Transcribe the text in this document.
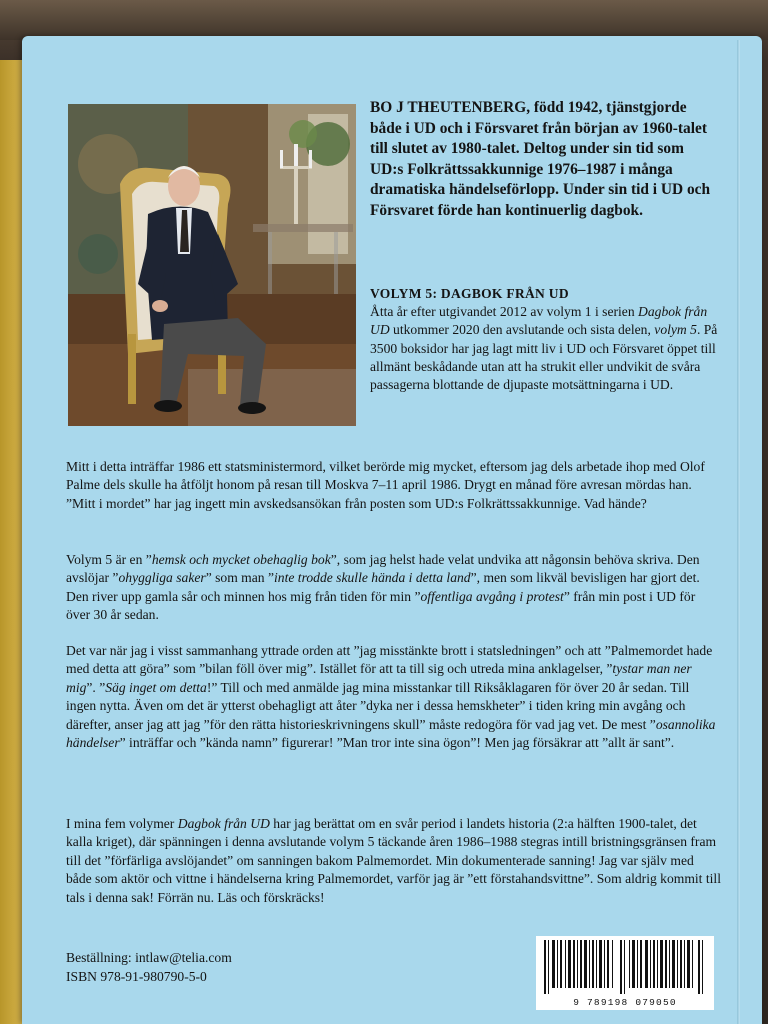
BO J THEUTENBERG, född 1942, tjänstgjorde både i UD och i Försvaret från början av 1960-talet till slutet av 1980-talet. Deltog under sin tid som UD:s Folkrättssakkunnige 1976–1987 i många dramatiska händelseförlopp. Under sin tid i UD och Försvaret förde han kontinuerlig dagbok.
VOLYM 5: DAGBOK FRÅN UD
Åtta år efter utgivandet 2012 av volym 1 i serien Dagbok från UD utkommer 2020 den avslutande och sista delen, volym 5. På 3500 boksidor har jag lagt mitt liv i UD och Försvaret öppet till allmänt beskådande utan att ha strukit eller undvikit de svåra passagerna blottande de djupaste motsättningarna i UD.
Mitt i detta inträffar 1986 ett statsministermord, vilket berörde mig mycket, eftersom jag dels arbetade ihop med Olof Palme dels skulle ha åtföljt honom på resan till Moskva 7–11 april 1986. Drygt en månad före avresan mördas han. ”Mitt i mordet” har jag ingett min avskedsansökan från posten som UD:s Folkrättssakkunnige. Vad hände?
Volym 5 är en ”hemsk och mycket obehaglig bok”, som jag helst hade velat undvika att någonsin behöva skriva. Den avslöjar ”ohyggliga saker” som man ”inte trodde skulle hända i detta land”, men som likväl bevisligen har gjort det. Den river upp gamla sår och minnen hos mig från tiden för min ”offentliga avgång i protest” från min post i UD för över 30 år sedan.
Det var när jag i visst sammanhang yttrade orden att ”jag misstänkte brott i statsledningen” och att ”Palmemordet hade med detta att göra” som ”bilan föll över mig”. Istället för att ta till sig och utreda mina anklagelser, ”tystar man ner mig”. ”Säg inget om detta!” Till och med anmälde jag mina misstankar till Riksåklagaren för över 20 år sedan. Till ingen nytta. Även om det är ytterst obehagligt att åter ”dyka ner i dessa hemskheter” i tiden kring min avgång och därefter, anser jag att jag ”för den rätta historieskrivningens skull” måste redogöra för vad jag vet. De mest ”osannolika händelser” inträffar och ”kända namn” figurerar! ”Man tror inte sina ögon”! Men jag försäkrar att ”allt är sant”.
I mina fem volymer Dagbok från UD har jag berättat om en svår period i landets historia (2:a hälften 1900-talet, det kalla kriget), där spänningen i denna avslutande volym 5 täckande åren 1986–1988 stegras intill bristningsgränsen fram till det ”förfärliga avslöjandet” om sanningen bakom Palmemordet. Min dokumenterade sanning! Jag var själv med både som aktör och vittne i händelserna kring Palmemordet, varför jag är ”ett förstahandsvittne”. Som aldrig kommit till tals i denna sak! Förrän nu. Läs och förskräcks!
Beställning: intlaw@telia.com
ISBN 978-91-980790-5-0
9 789198 079050
